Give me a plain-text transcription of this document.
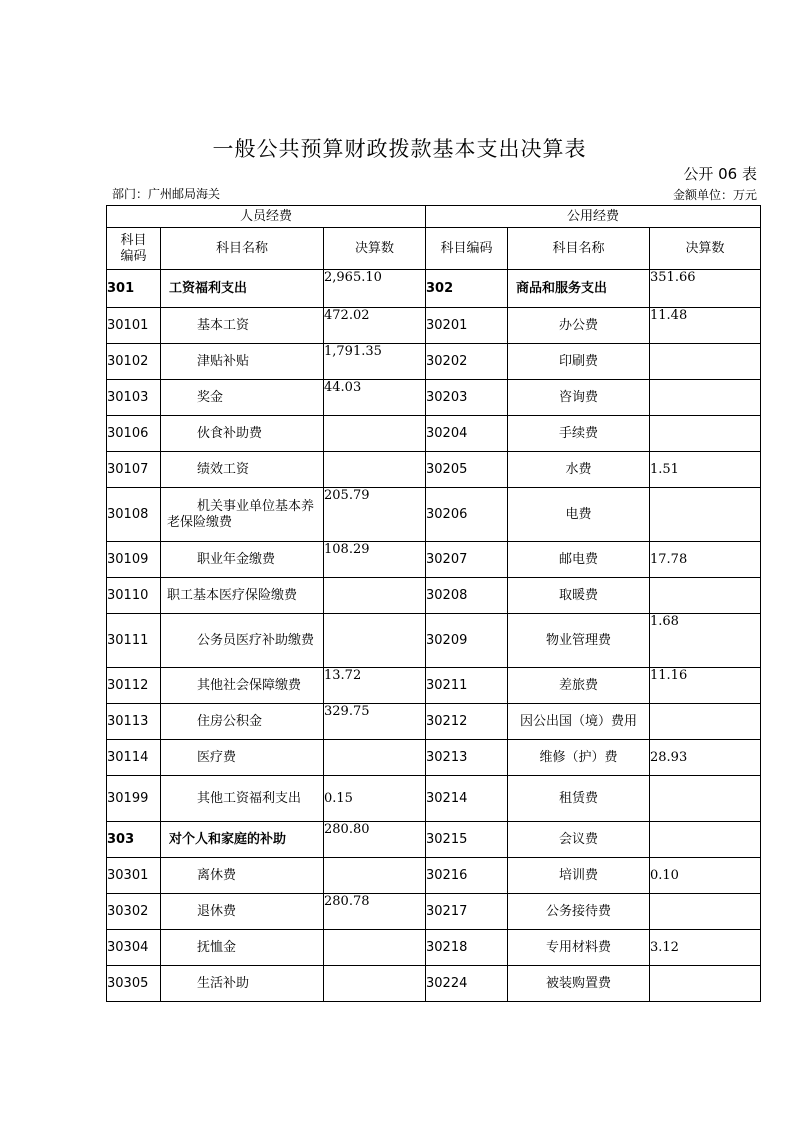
一般公共预算财政拨款基本支出决算表
公开 06 表
部门：广州邮局海关	金额单位：万元
人员经费			公用经费		

科目编码	科目名称	决算数	科目编码	科目名称	决算数
301	工资福利支出	2,965.10	302	商品和服务支出	351.66
30101	基本工资	472.02	30201	办公费	11.48
30102	津贴补贴	1,791.35	30202	印刷费	
30103	奖金	44.03	30203	咨询费	
30106	伙食补助费		30204	手续费	
30107	绩效工资		30205	水费	1.51
30108	机关事业单位基本养老保险缴费	205.79	30206	电费	
30109	职业年金缴费	108.29	30207	邮电费	17.78
30110	职工基本医疗保险缴费		30208	取暖费	
30111	公务员医疗补助缴费		30209	物业管理费	1.68
30112	其他社会保障缴费	13.72	30211	差旅费	11.16
30113	住房公积金	329.75	30212	因公出国（境）费用	
30114	医疗费		30213	维修（护）费	28.93
30199	其他工资福利支出	0.15	30214	租赁费	
303	对个人和家庭的补助	280.80	30215	会议费	
30301	离休费		30216	培训费	0.10
30302	退休费	280.78	30217	公务接待费	
30304	抚恤金		30218	专用材料费	3.12
30305	生活补助		30224	被装购置费	
